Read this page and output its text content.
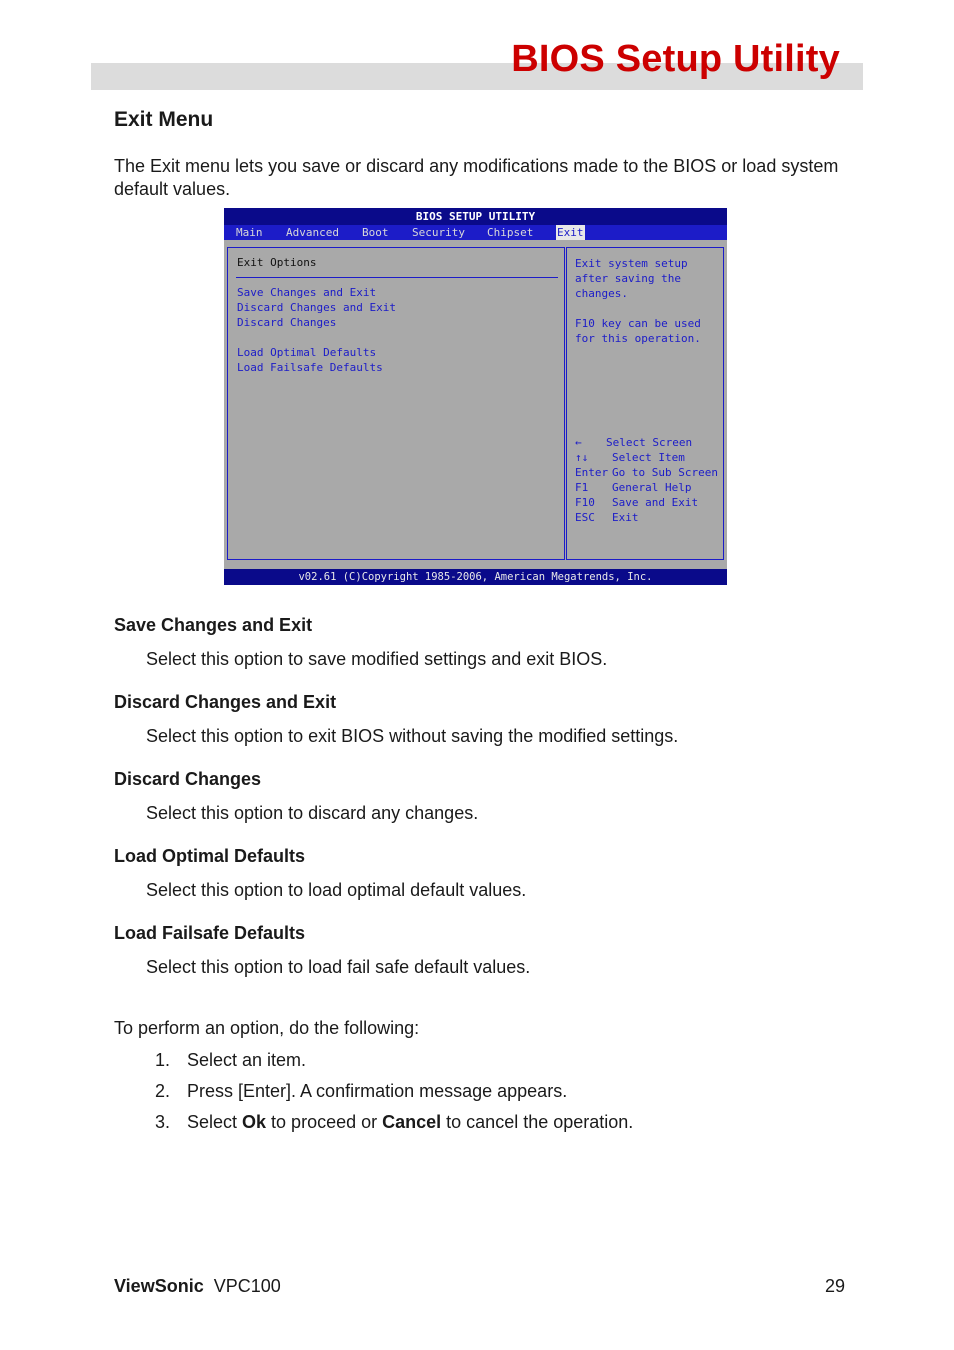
BIOS Setup Utility
Exit Menu

The Exit menu lets you save or discard any modifications made to the BIOS or load system default values.

BIOS SETUP UTILITY
Main Advanced Boot Security Chipset Exit
Exit Options
Save Changes and Exit
Discard Changes and Exit
Discard Changes
Load Optimal Defaults
Load Failsafe Defaults
Exit system setup after saving the changes.

F10 key can be used for this operation.
← Select Screen
↑↓ Select Item
Enter Go to Sub Screen
F1 General Help
F10 Save and Exit
ESC Exit
v02.61 (C)Copyright 1985-2006, American Megatrends, Inc.
Save Changes and Exit

Select this option to save modified settings and exit BIOS.

Discard Changes and Exit

Select this option to exit BIOS without saving the modified settings.

Discard Changes

Select this option to discard any changes.

Load Optimal Defaults

Select this option to load optimal default values.

Load Failsafe Defaults

Select this option to load fail safe default values.

To perform an option, do the following:

1. Select an item.

2. Press [Enter]. A confirmation message appears.

3. Select Ok to proceed or Cancel to cancel the operation.

ViewSonic VPC100	29
